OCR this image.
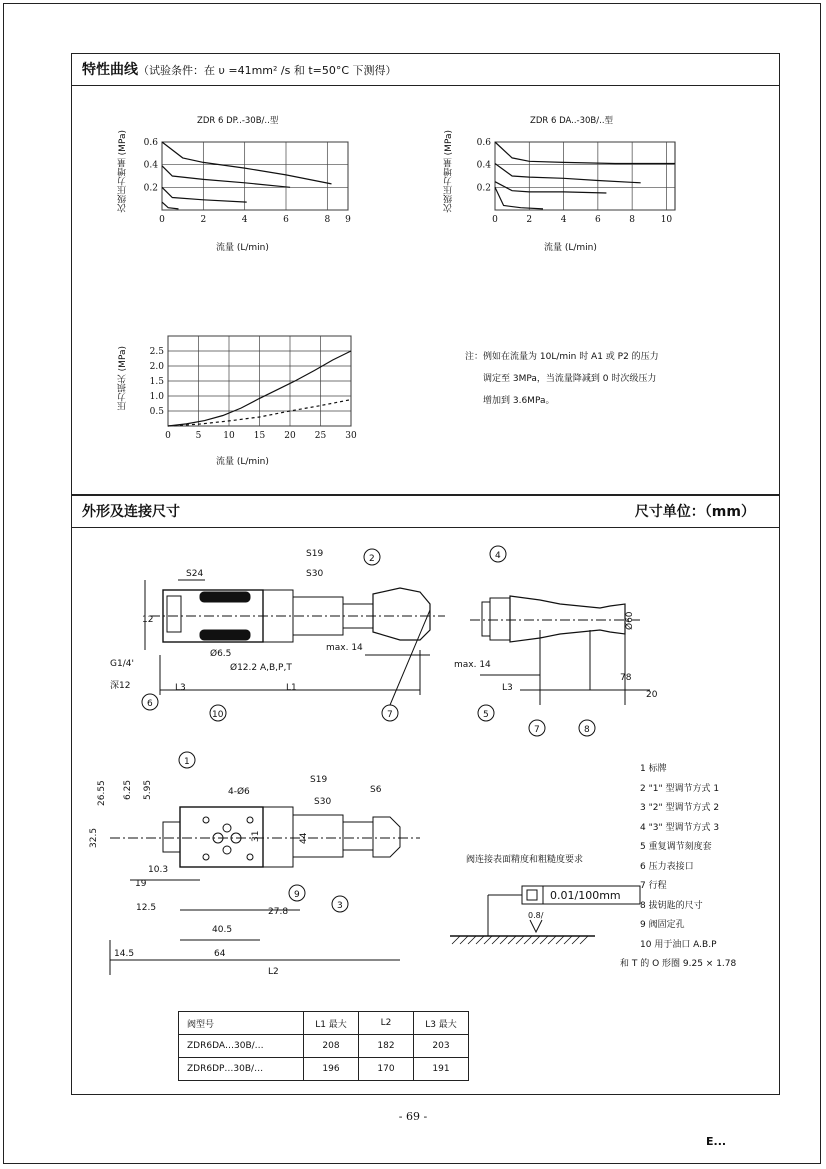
特性曲线（试验条件：在 υ =41mm² /s 和 t=50°C 下测得）
ZDR 6 DP..-30B/..型
次级压力增量 (MPa)
流量 (L/min)
0	2	4	6	8 9
0.6
0.4
0.2
0	2	4	6	8	10
0.6
0.4
0.2
0	5 10 15 20 25 30
2.5
2.0
1.5
1.0
0.5
ZDR 6 DA..-30B/..型
次级压力增量 (MPa)
流量 (L/min)
压力损失 (MPa)
流量 (L/min)
注：例如在流量为 10L/min 时 A1 或 P2 的压力
调定至 3MPa，当流量降减到 0 时次级压力
增加到 3.6MPa。
外形及连接尺寸	尺寸单位：（mm）
S24
S19
S30
12
Ø6.5
Ø12.2 A,B,P,T
G1/4'
深12
max. 14
L1
L3
max. 14
L3
78
20
Ø60
S19
S30
S6
26.55 6.25 5.95
32.5
10.3
19
12.5
40.5
27.8
14.5	64
L2
4-Ø6
44
31
2	4
6
10	7	5
7	8
1
9
3
0.01/100mm
0.8/
阀连接表面精度和粗糙度要求
1 标牌
2 "1" 型调节方式 1
3 "2" 型调节方式 2
4 "3" 型调节方式 3
5 重复调节刻度套
6 压力表接口
7 行程
8 拔钥匙的尺寸
9 阀固定孔
10 用于油口 A.B.P
和 T 的 O 形圈 9.25 × 1.78
阀型号	L1 最大	L2	L3 最大
ZDR6DA…30B/…	208	182	203
ZDR6DP…30B/…	196	170	191
- 69 -
E...
